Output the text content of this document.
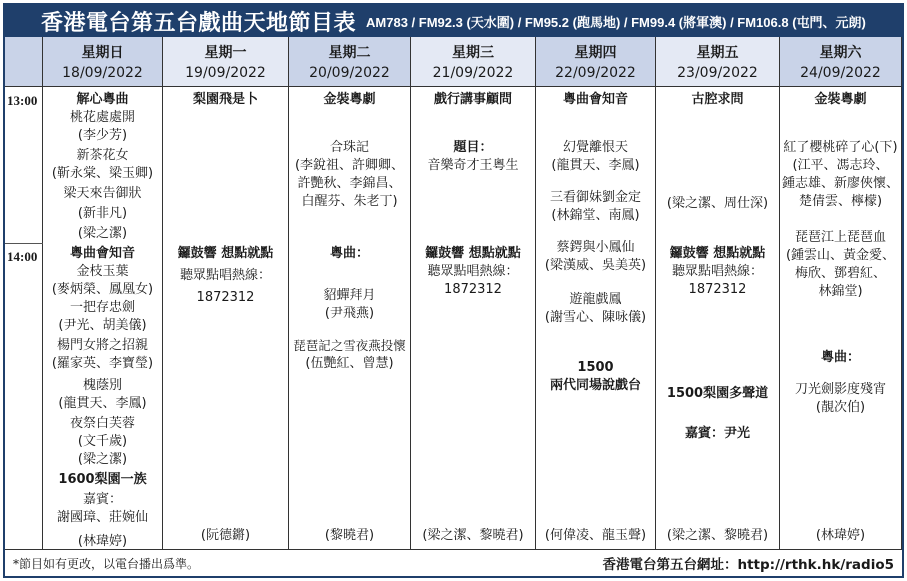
香港電台第五台戲曲天地節目表 AM783 / FM92.3 (天水圍) / FM95.2 (跑馬地) / FM99.4 (將軍澳) / FM106.8 (屯門、元朗)
13:00
14:00
星期日
18/09/2022
解心粵曲
桃花處處開
(李少芳)
新茶花女
(靳永棠、梁玉卿)
梁天來告御狀
(新非凡)
(梁之潔)
粵曲會知音
金枝玉葉
(麥炳榮、鳳凰女)
一把存忠劍
(尹光、胡美儀)
楊門女將之招親
(羅家英、李寶瑩)
槐蔭別
(龍貫天、李鳳)
夜祭白芙蓉
(文千歲)
(梁之潔)
1600梨園一族
嘉賓：
謝國璋、莊婉仙
(林瑋婷)
星期一
19/09/2022
梨園飛是卜
鑼鼓響 想點就點
聽眾點唱熱線：
1872312
(阮德鏘)
星期二
20/09/2022
金裝粵劇
合珠記
(李銳祖、許卿卿、
許艷秋、李錦昌、
白醒芬、朱老丁)
粵曲：
貂蟬拜月
(尹飛燕)
琵琶記之雪夜燕投懷
(伍艷紅、曾慧)
(黎曉君)
星期三
21/09/2022
戲行講事顧問
題目：
音樂奇才王粵生
鑼鼓響 想點就點
聽眾點唱熱線：
1872312
(梁之潔、黎曉君)
星期四
22/09/2022
粵曲會知音
幻覺離恨天
(龍貫天、李鳳)
三看御妹劉金定
(林錦堂、南鳳)
蔡鍔與小鳳仙
(梁漢威、吳美英)
遊龍戲鳳
(謝雪心、陳咏儀)
1500
兩代同場說戲台
(何偉凌、龍玉聲)
星期五
23/09/2022
古腔求問
(梁之潔、周仕深)
鑼鼓響 想點就點
聽眾點唱熱線：
1872312
1500梨園多聲道
嘉賓：尹光
(梁之潔、黎曉君)
星期六
24/09/2022
金裝粵劇
紅了櫻桃碎了心(下)
(江平、馮志玲、
鍾志雄、新廖俠懷、
楚倩雲、檸檬)
琵琶江上琵琶血
(鍾雲山、黃金愛、
梅欣、鄧碧紅、
林錦堂)
粵曲：
刀光劍影度殘宵
(靚次伯)
(林瑋婷)
*節目如有更改，以電台播出爲準。	香港電台第五台網址：http://rthk.hk/radio5
